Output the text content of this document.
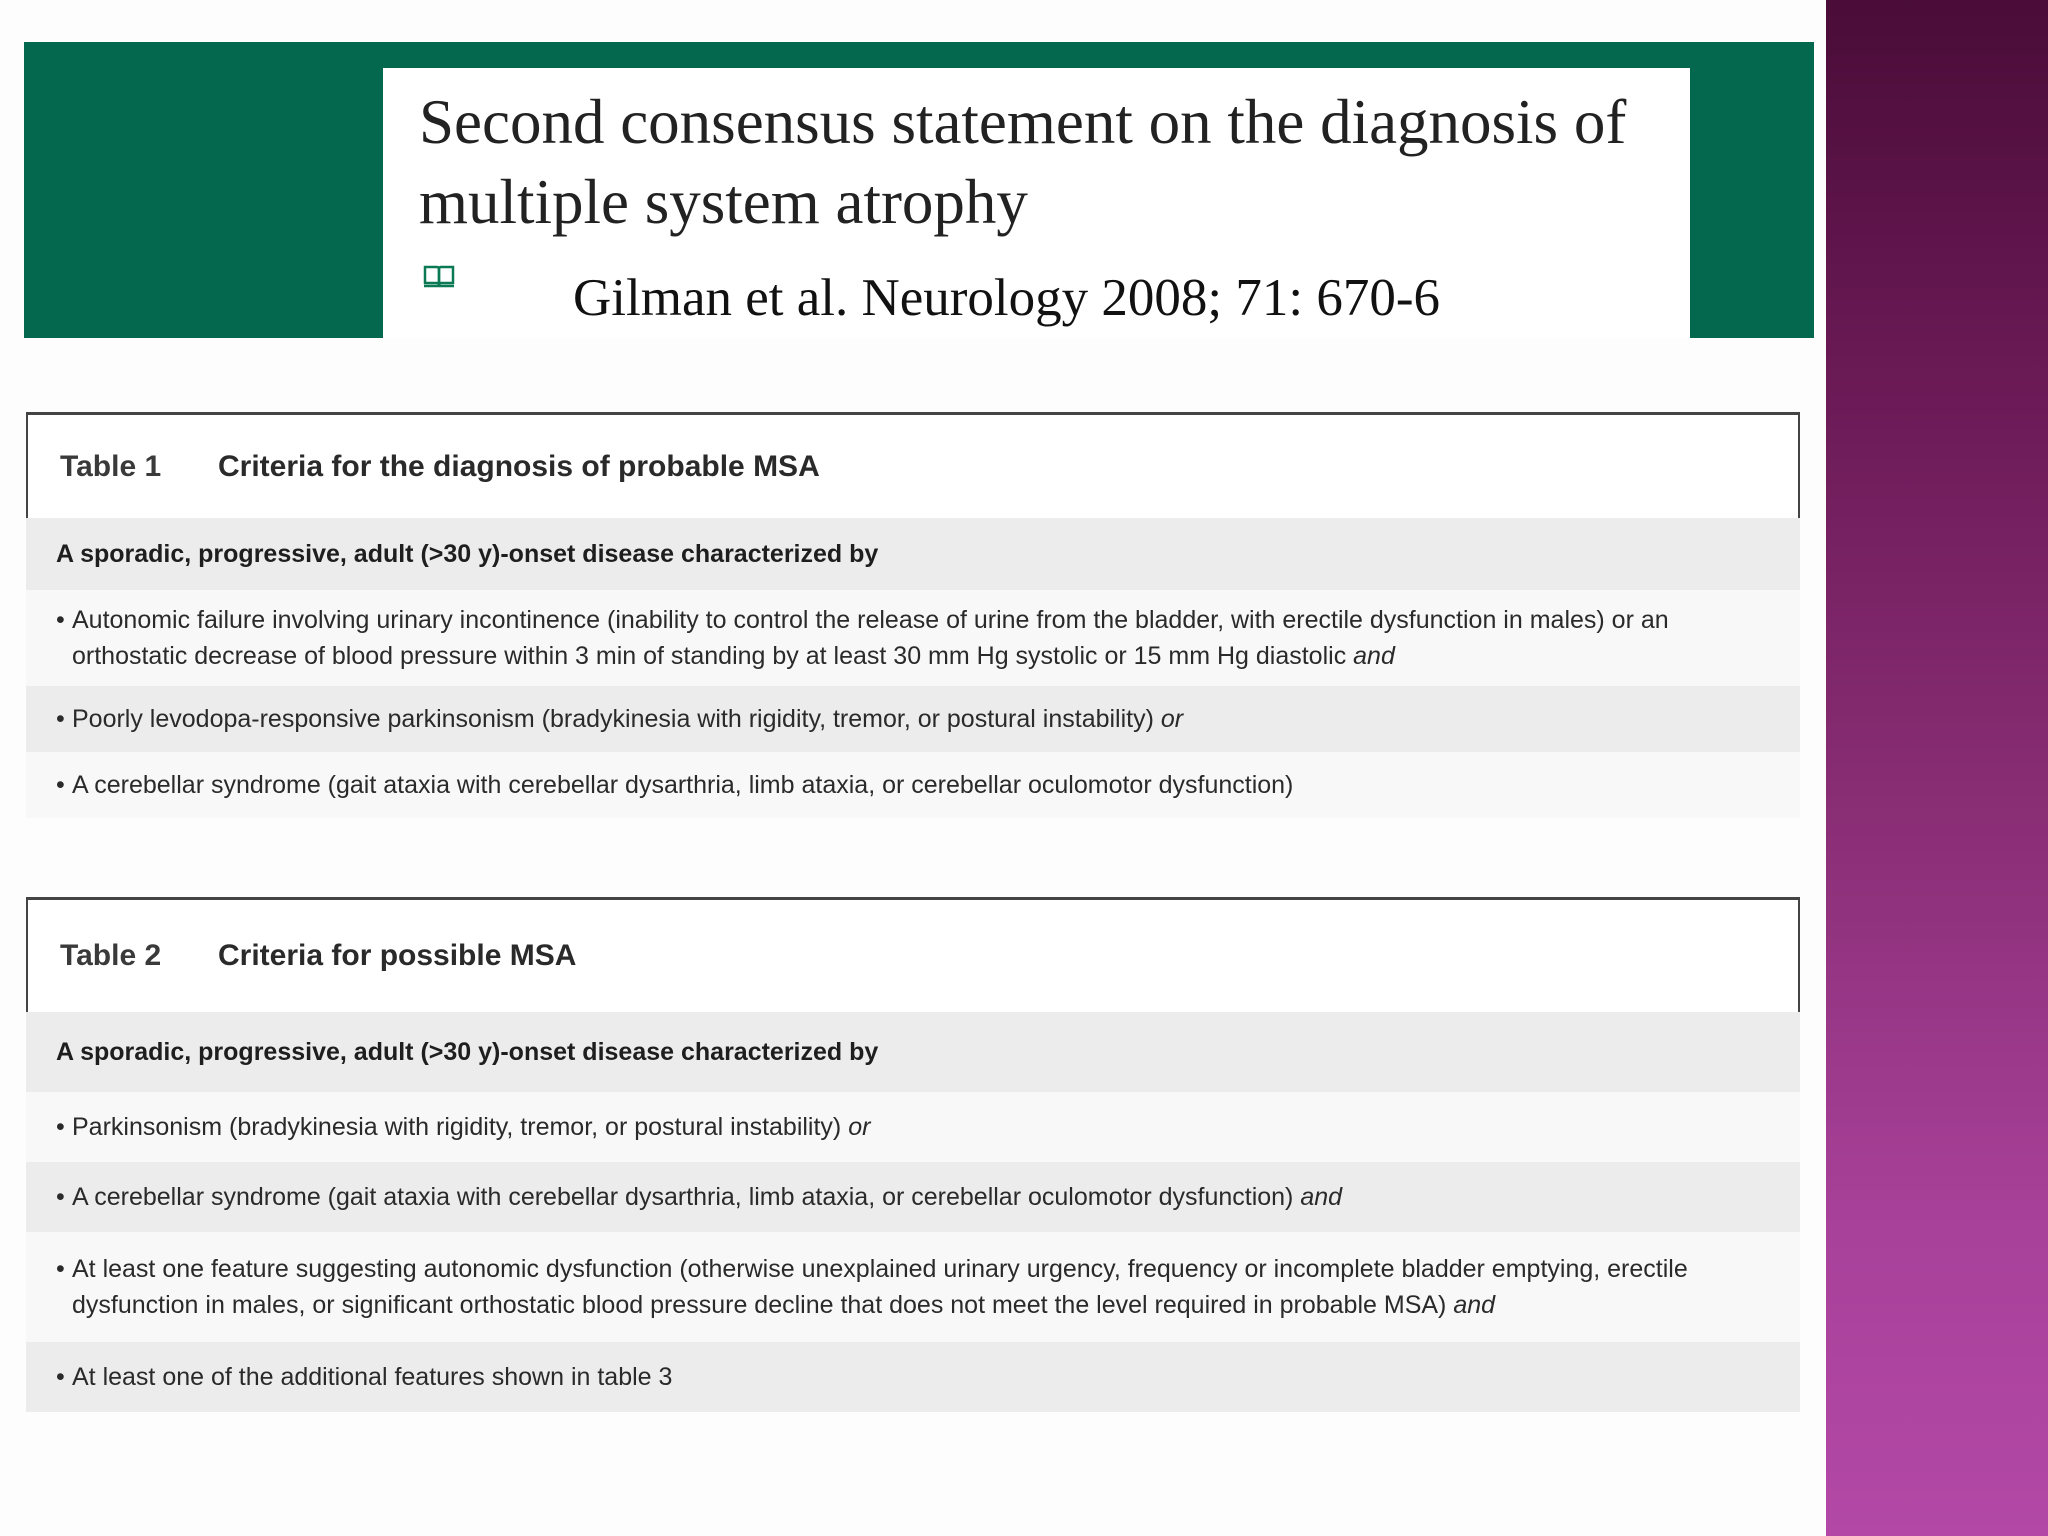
Second consensus statement on the diagnosis of multiple system atrophy

Gilman et al. Neurology 2008; 71: 670-6

Table 1 Criteria for the diagnosis of probable MSA
A sporadic, progressive, adult (>30 y)-onset disease characterized by
• Autonomic failure involving urinary incontinence (inability to control the release of urine from the bladder, with erectile dysfunction in males) or an orthostatic decrease of blood pressure within 3 min of standing by at least 30 mm Hg systolic or 15 mm Hg diastolic and
• Poorly levodopa-responsive parkinsonism (bradykinesia with rigidity, tremor, or postural instability) or
• A cerebellar syndrome (gait ataxia with cerebellar dysarthria, limb ataxia, or cerebellar oculomotor dysfunction)
Table 2 Criteria for possible MSA
A sporadic, progressive, adult (>30 y)-onset disease characterized by
• Parkinsonism (bradykinesia with rigidity, tremor, or postural instability) or
• A cerebellar syndrome (gait ataxia with cerebellar dysarthria, limb ataxia, or cerebellar oculomotor dysfunction) and
• At least one feature suggesting autonomic dysfunction (otherwise unexplained urinary urgency, frequency or incomplete bladder emptying, erectile dysfunction in males, or significant orthostatic blood pressure decline that does not meet the level required in probable MSA) and
• At least one of the additional features shown in table 3
